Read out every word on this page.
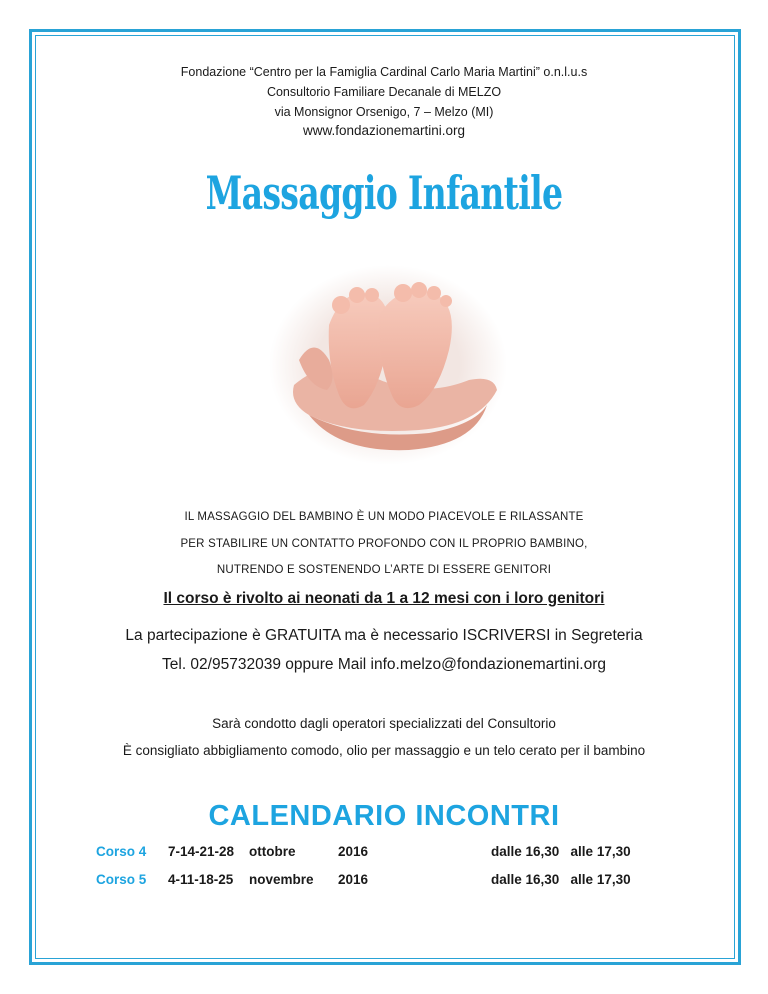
Fondazione “Centro per la Famiglia Cardinal Carlo Maria Martini” o.n.l.u.s
Consultorio Familiare Decanale di MELZO
via Monsignor Orsenigo, 7 – Melzo (MI)
www.fondazionemartini.org
Massaggio Infantile
IL MASSAGGIO DEL BAMBINO È UN MODO PIACEVOLE E RILASSANTE
PER STABILIRE UN CONTATTO PROFONDO CON IL PROPRIO BAMBINO,
NUTRENDO E SOSTENENDO L’ARTE DI ESSERE GENITORI
Il corso è rivolto ai neonati da 1 a 12 mesi con i loro genitori
La partecipazione è GRATUITA ma è necessario ISCRIVERSI in Segreteria
Tel. 02/95732039 oppure Mail info.melzo@fondazionemartini.org
Sarà condotto dagli operatori specializzati del Consultorio
È consigliato abbigliamento comodo, olio per massaggio e un telo cerato per il bambino
CALENDARIO INCONTRI
Corso 4 7-14-21-28 ottobre	2016	dalle 16,30   alle 17,30
Corso 5 4-11-18-25 novembre 2016	dalle 16,30   alle 17,30
